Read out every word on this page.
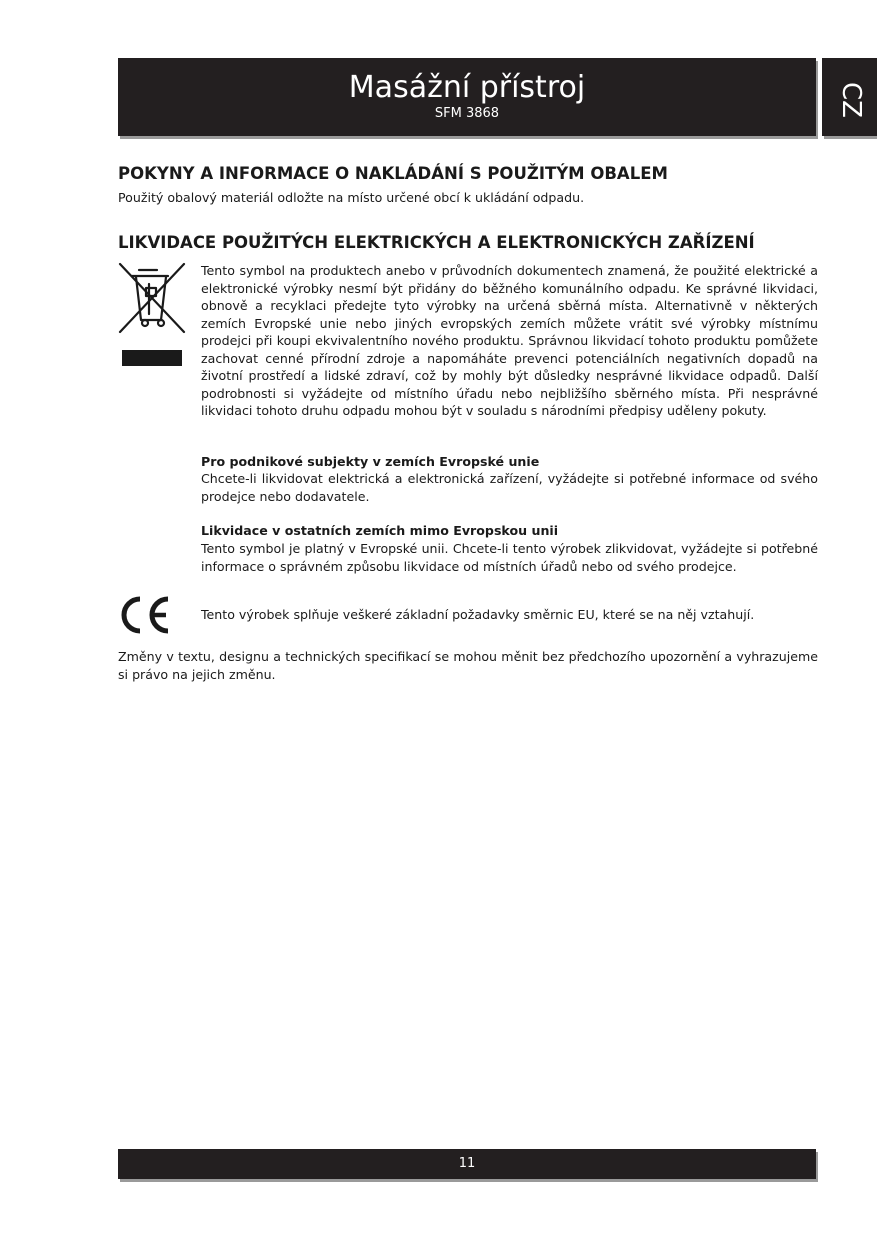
Masážní přístroj
SFM 3868	CZ
POKYNY A INFORMACE O NAKLÁDÁNÍ S POUŽITÝM OBALEM

Použitý obalový materiál odložte na místo určené obcí k ukládání odpadu.

LIKVIDACE POUŽITÝCH ELEKTRICKÝCH A ELEKTRONICKÝCH ZAŘÍZENÍ

Tento symbol na produktech anebo v průvodních dokumentech znamená, že použité elektrické a elektronické výrobky nesmí být přidány do běžného komunálního odpadu. Ke správné likvidaci, obnově a recyklaci předejte tyto výrobky na určená sběrná místa. Alternativně v některých zemích Evropské unie nebo jiných evropských zemích můžete vrátit své výrobky místnímu prodejci při koupi ekvivalentního nového produktu. Správnou likvidací tohoto produktu pomůžete zachovat cenné přírodní zdroje a napomáháte prevenci potenciálních negativních dopadů na životní prostředí a lidské zdraví, což by mohly být důsledky nesprávné likvidace odpadů. Další podrobnosti si vyžádejte od místního úřadu nebo nejbližšího sběrného místa. Při nesprávné likvidaci tohoto druhu odpadu mohou být v souladu s národními předpisy uděleny pokuty.

Pro podnikové subjekty v zemích Evropské unie

Chcete-li likvidovat elektrická a elektronická zařízení, vyžádejte si potřebné informace od svého prodejce nebo dodavatele.

Likvidace v ostatních zemích mimo Evropskou unii

Tento symbol je platný v Evropské unii. Chcete-li tento výrobek zlikvidovat, vyžádejte si potřebné informace o správném způsobu likvidace od místních úřadů nebo od svého prodejce.

Tento výrobek splňuje veškeré základní požadavky směrnic EU, které se na něj vztahují.

Změny v textu, designu a technických specifikací se mohou měnit bez předchozího upozornění a vyhrazujeme si právo na jejich změnu.

11
